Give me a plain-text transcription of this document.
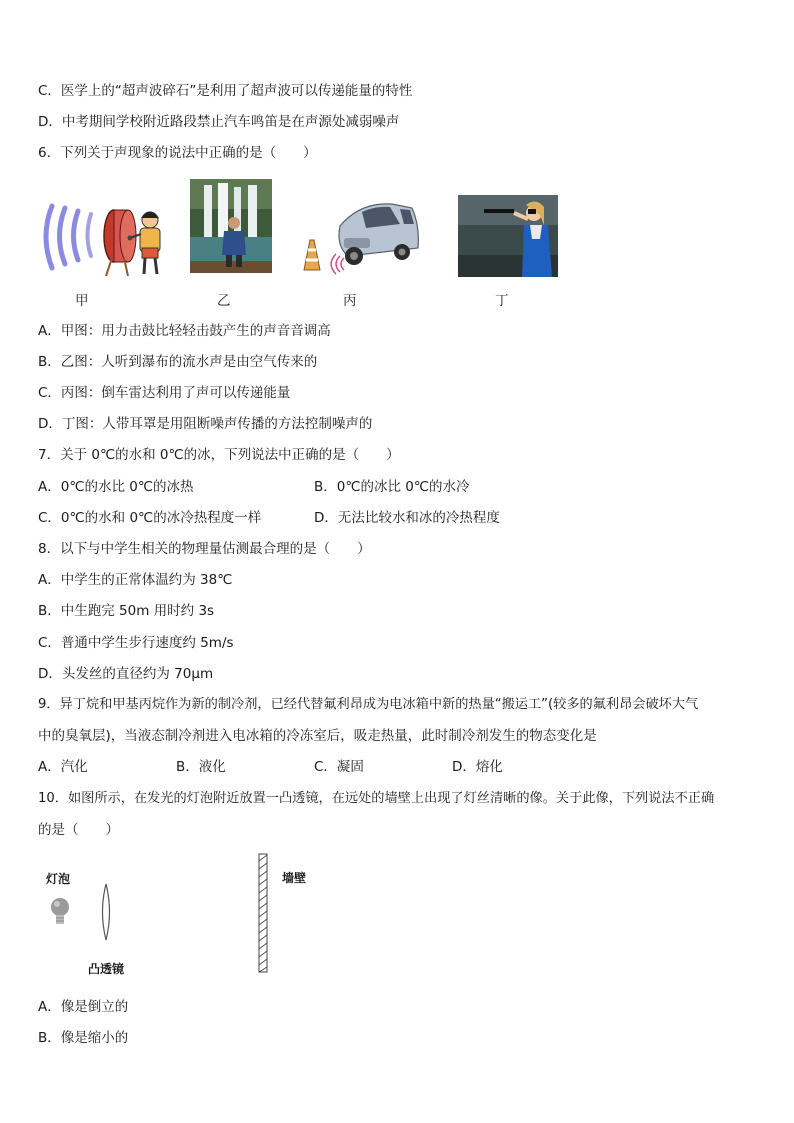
C．医学上的“超声波碎石”是利用了超声波可以传递能量的特性
D．中考期间学校附近路段禁止汽车鸣笛是在声源处减弱噪声
6．下列关于声现象的说法中正确的是（　　）
甲	乙	丙	丁
A．甲图：用力击鼓比轻轻击鼓产生的声音音调高
B．乙图：人听到瀑布的流水声是由空气传来的
C．丙图：倒车雷达利用了声可以传递能量
D．丁图：人带耳罩是用阻断噪声传播的方法控制噪声的
7．关于 0℃的水和 0℃的冰，下列说法中正确的是（　　）
A．0℃的水比 0℃的冰热	B．0℃的冰比 0℃的水冷
C．0℃的水和 0℃的冰冷热程度一样	D．无法比较水和冰的冷热程度
8．以下与中学生相关的物理量估测最合理的是（　　）
A．中学生的正常体温约为 38℃
B．中生跑完 50m 用时约 3s
C．普通中学生步行速度约 5m/s
D．头发丝的直径约为 70μm
9．异丁烷和甲基丙烷作为新的制冷剂，已经代替氟利昂成为电冰箱中新的热量“搬运工”(较多的氟利昂会破坏大气
中的臭氧层)，当液态制冷剂进入电冰箱的冷冻室后，吸走热量，此时制冷剂发生的物态变化是
A．汽化	B．液化	C．凝固	D．熔化
10．如图所示，在发光的灯泡附近放置一凸透镜，在远处的墙壁上出现了灯丝清晰的像。关于此像，下列说法不正确
的是（　　）
灯泡
凸透镜
墙壁
A．像是倒立的
B．像是缩小的
